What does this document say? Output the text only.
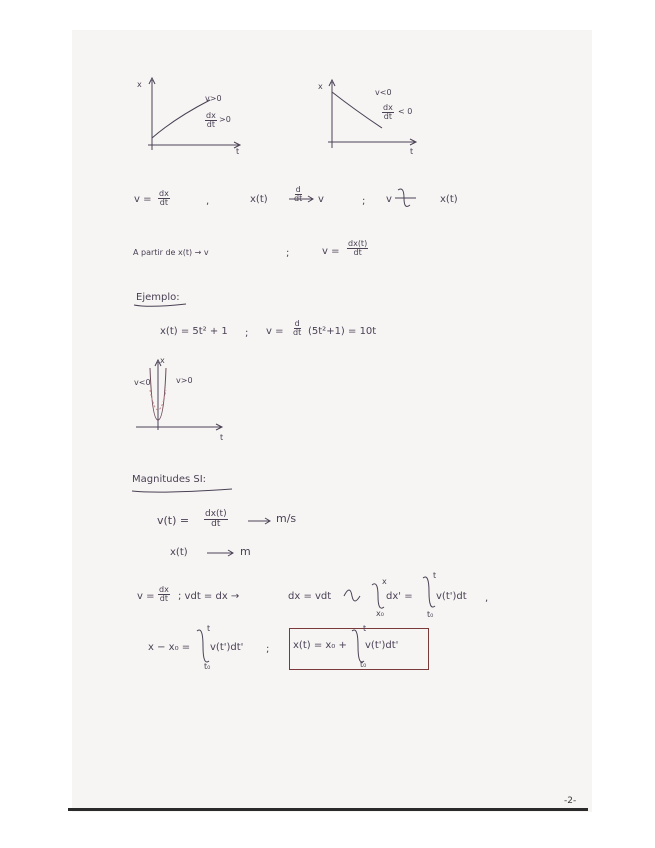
x
t
v>0
$\frac{dx}{dt} >0$
x
t
v<0
$\frac{dx}{dt} < 0$
$v = \frac{dx}{dt}$	,	x(t)	$\frac{d}{dt}$ v	; v	x(t)
A partir de x(t) → v	;	$v = \frac{dx(t)}{dt}$
Ejemplo:
x(t) = 5t² + 1 ; $v = \frac{d}{dt} (5t^2+1) = 10t$
x
t
v<0	v>0
Magnitudes SI:
$v(t) = \frac{dx(t)}{dt}$	m/s
x(t)	m
$v = \frac{dx}{dt}$ ; vdt = dx →	dx = vdt
x
x₀
dx' =
t
t₀
v(t')dt ,
x − x₀ =
t
t₀
v(t')dt' ; x(t) = x₀ +
t
t₀
v(t')dt'
-2-
